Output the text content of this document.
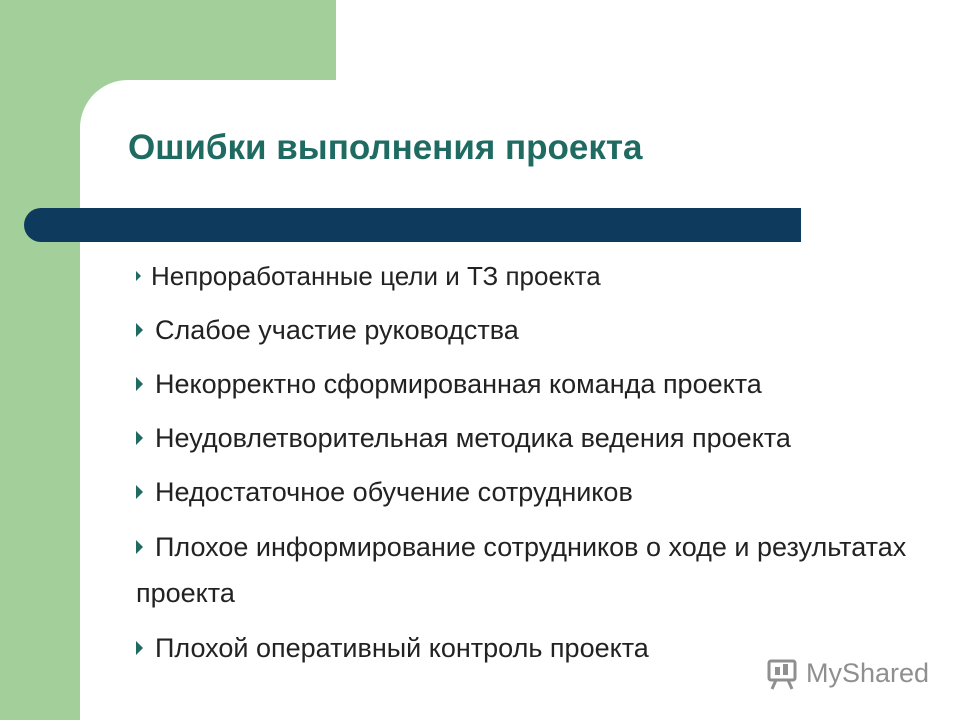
Ошибки выполнения проекта
Непроработанные цели и ТЗ проекта
Слабое участие руководства
Некорректно сформированная команда проекта
Неудовлетворительная методика ведения проекта
Недостаточное обучение сотрудников
Плохое информирование сотрудников о ходе и результатах проекта
Плохой оперативный контроль проекта
MyShared
